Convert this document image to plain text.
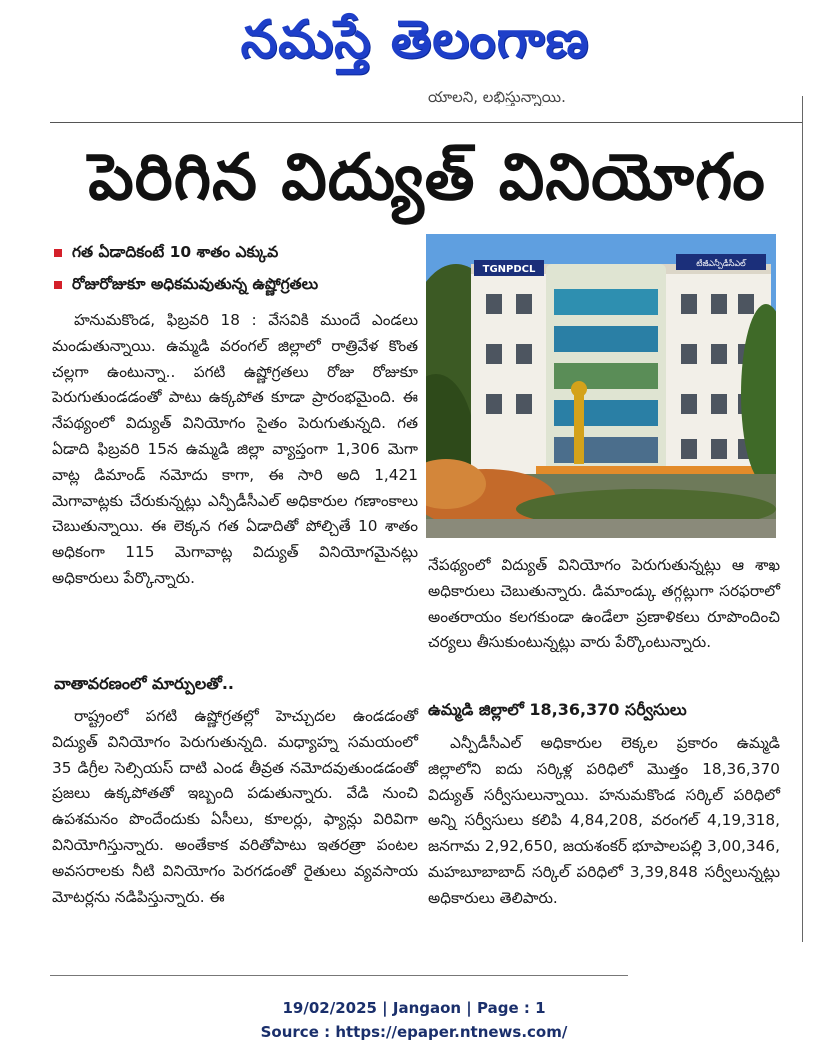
నమస్తే తెలంగాణ
యాలని, లభిస్తున్నాయి.
పెరిగిన విద్యుత్ వినియోగం
గత ఏడాదికంటే 10 శాతం ఎక్కువ
రోజురోజుకూ అధికమవుతున్న ఉష్ణోగ్రతలు

హనుమకొండ, ఫిబ్రవరి 18 : వేసవికి ముందే ఎండలు మండుతున్నాయి. ఉమ్మడి వరంగల్ జిల్లాలో రాత్రివేళ కొంత చల్లగా ఉంటున్నా.. పగటి ఉష్ణోగ్రతలు రోజు రోజుకూ పెరుగుతుండడంతో పాటు ఉక్కపోత కూడా ప్రారంభమైంది. ఈ నేపథ్యంలో విద్యుత్ వినియోగం సైతం పెరుగుతున్నది. గత ఏడాది ఫిబ్రవరి 15న ఉమ్మడి జిల్లా వ్యాప్తంగా 1,306 మెగా వాట్ల డిమాండ్ నమోదు కాగా, ఈ సారి అది 1,421 మెగావాట్లకు చేరుకున్నట్లు ఎన్పీడీసీఎల్ అధికారుల గణాంకాలు చెబుతున్నాయి. ఈ లెక్కన గత ఏడాదితో పోల్చితే 10 శాతం అధికంగా 115 మెగావాట్ల విద్యుత్ వినియోగమైనట్లు అధికారులు పేర్కొన్నారు.

వాతావరణంలో మార్పులతో..

రాష్ట్రంలో పగటి ఉష్ణోగ్రతల్లో హెచ్చుదల ఉండడంతో విద్యుత్ వినియోగం పెరుగుతున్నది. మధ్యాహ్న సమయంలో 35 డిగ్రీల సెల్సియస్ దాటి ఎండ తీవ్రత నమోదవుతుండడంతో ప్రజలు ఉక్కపోతతో ఇబ్బంది పడుతున్నారు. వేడి నుంచి ఉపశమనం పొందేందుకు ఏసీలు, కూలర్లు, ఫ్యాన్లు విరివిగా వినియోగిస్తున్నారు. అంతేకాక వరితోపాటు ఇతరత్రా పంటల అవసరాలకు నీటి వినియోగం పెరగడంతో రైతులు వ్యవసాయ మోటర్లను నడిపిస్తున్నారు. ఈ

TGNPDCL
టీజీఎన్పీడీసీఎల్

నేపథ్యంలో విద్యుత్ వినియోగం పెరుగుతున్నట్లు ఆ శాఖ అధికారులు చెబుతున్నారు. డిమాండ్కు తగ్గట్లుగా సరఫరాలో అంతరాయం కలగకుండా ఉండేలా ప్రణాళికలు రూపొందించి చర్యలు తీసుకుంటున్నట్లు వారు పేర్కొంటున్నారు.

ఉమ్మడి జిల్లాలో 18,36,370 సర్వీసులు

ఎన్పీడీసీఎల్ అధికారుల లెక్కల ప్రకారం ఉమ్మడి జిల్లాలోని ఐదు సర్కిళ్ల పరిధిలో మొత్తం 18,36,370 విద్యుత్ సర్వీసులున్నాయి. హనుమకొండ సర్కిల్ పరిధిలో అన్ని సర్వీసులు కలిపి 4,84,208, వరంగల్ 4,19,318, జనగామ 2,92,650, జయశంకర్ భూపాలపల్లి 3,00,346, మహబూబాబాద్ సర్కిల్ పరిధిలో 3,39,848 సర్వీలున్నట్లు అధికారులు తెలిపారు.

19/02/2025 | Jangaon | Page : 1
Source : https://epaper.ntnews.com/
